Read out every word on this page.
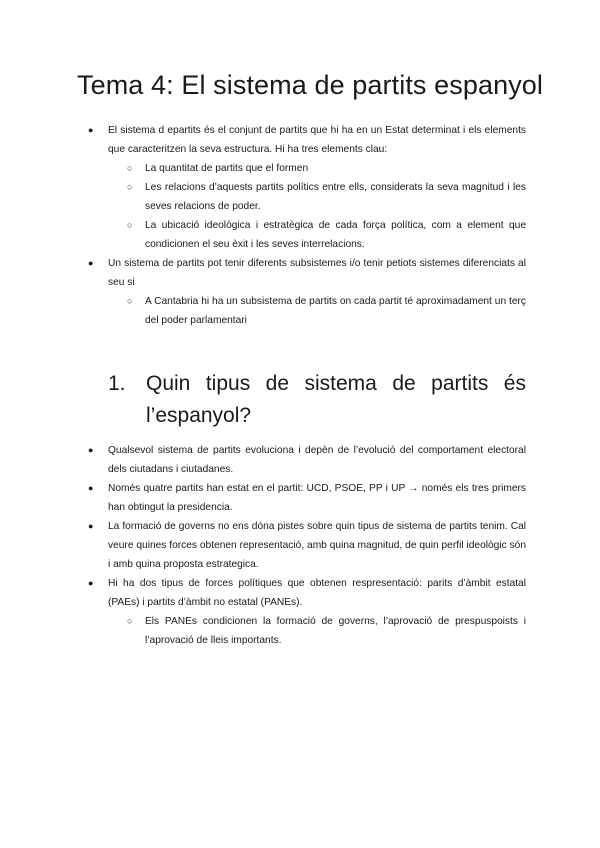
Tema 4: El sistema de partits espanyol
● El sistema d epartits és el conjunt de partits que hi ha en un Estat determinat i els elements que caracteritzen la seva estructura. Hi ha tres elements clau:
○ La quantitat de partits que el formen
○ Les relacions d’aquests partits polítics entre ells, considerats la seva magnitud i les seves relacions de poder.
○ La ubicació ideològica i estratègica de cada força política, com a element que condicionen el seu èxit i les seves interrelacions.
● Un sistema de partits pot tenir diferents subsistemes i/o tenir petiots sistemes diferenciats al seu si
○ A Cantabria hi ha un subsistema de partits on cada partit té aproximadament un terç del poder parlamentari
1. Quin tipus de sistema de partits és
l’espanyol?
● Qualsevol sistema de partits evoluciona i depèn de l’evolució del comportament electoral dels ciutadans i ciutadanes.
● Només quatre partits han estat en el partit: UCD, PSOE, PP i UP → només els tres primers han obtingut la presidencia.
● La formació de governs no ens dóna pistes sobre quin tipus de sistema de partits tenim. Cal veure quines forces obtenen representació, amb quina magnitud, de quin perfil ideològic són i amb quina proposta estrategica.
● Hi ha dos tipus de forces polítiques que obtenen respresentació: parits d’àmbit estatal (PAEs) i partits d’àmbit no estatal (PANEs).
○ Els PANEs condicionen la formació de governs, l’aprovació de prespuspoists i l’aprovació de lleis importants.
